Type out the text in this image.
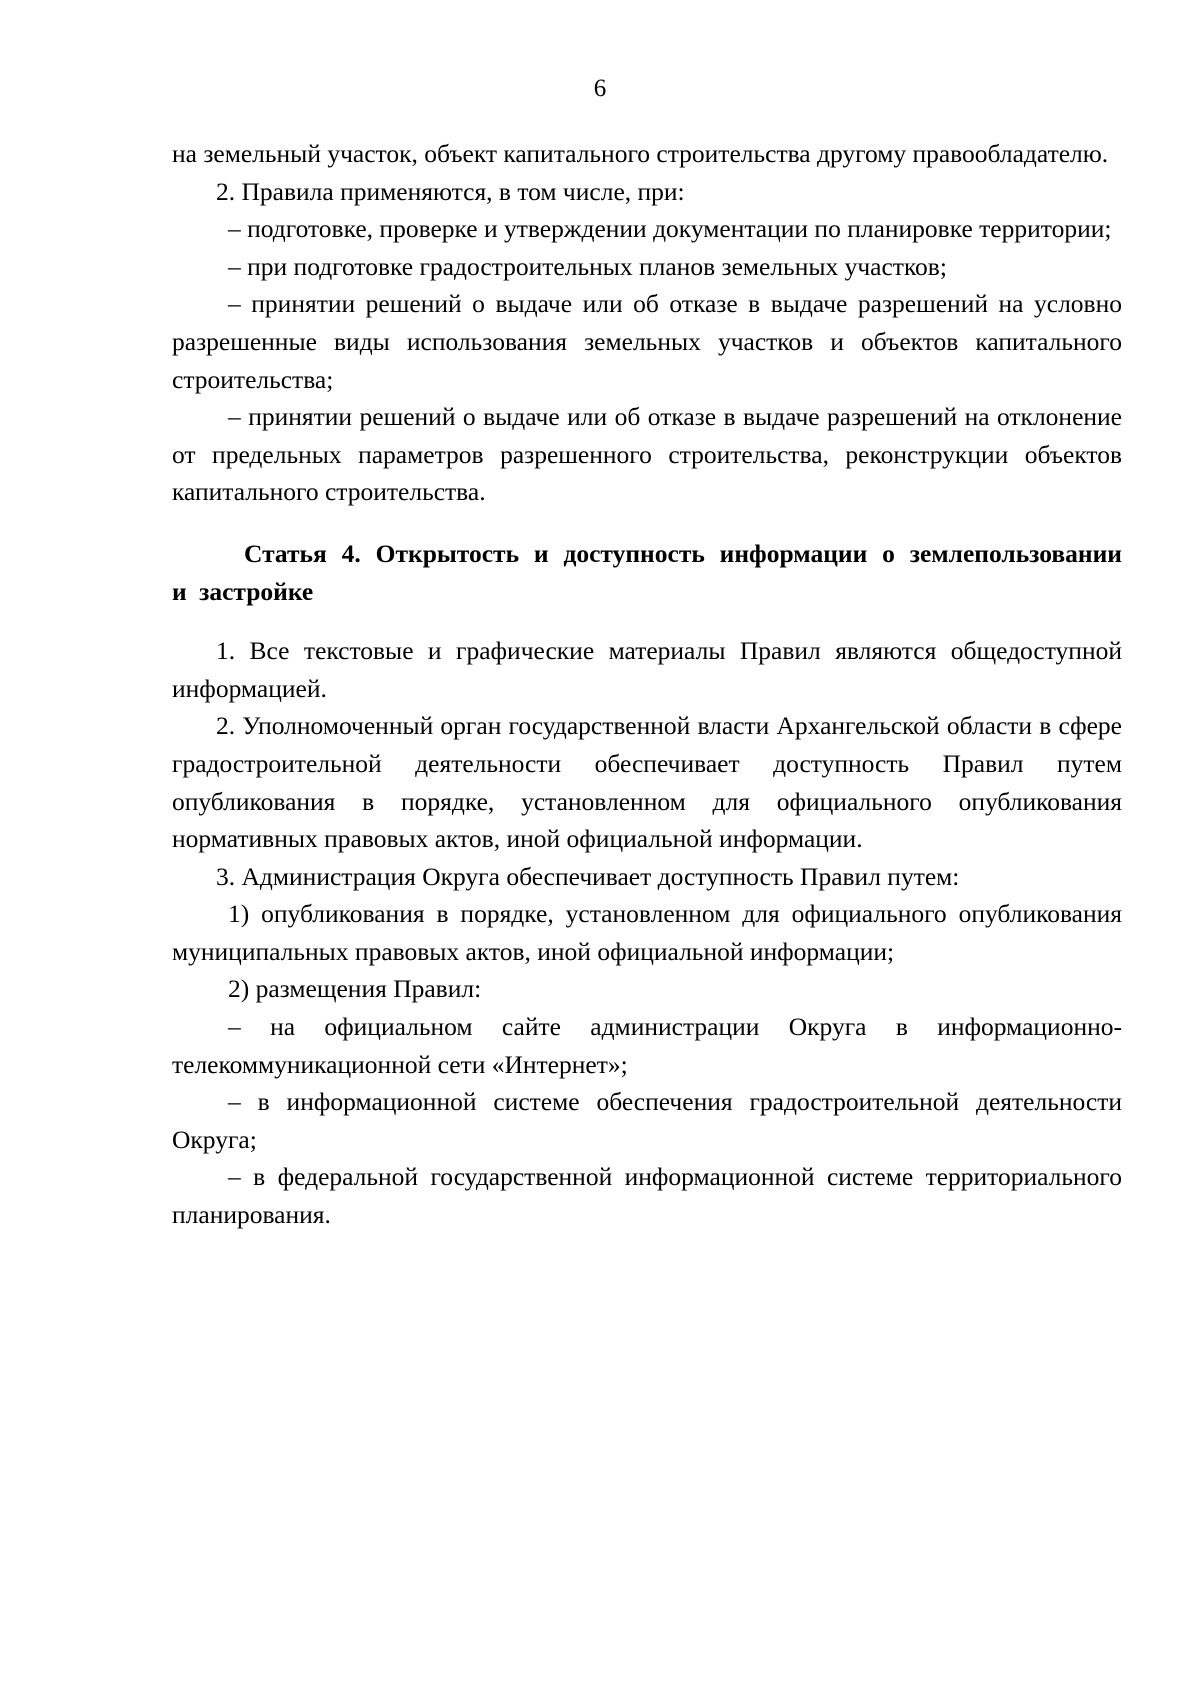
6

на земельный участок, объект капитального строительства другому правообладателю.

2. Правила применяются, в том числе, при:

– подготовке, проверке и утверждении документации по планировке территории;

– при подготовке градостроительных планов земельных участков;

– принятии решений о выдаче или об отказе в выдаче разрешений на условно разрешенные виды использования земельных участков и объектов капитального строительства;

– принятии решений о выдаче или об отказе в выдаче разрешений на отклонение от предельных параметров разрешенного строительства, реконструкции объектов капитального строительства.

Статья 4. Открытость и доступность информации о землепользовании и застройке

1. Все текстовые и графические материалы Правил являются общедоступной информацией.

2. Уполномоченный орган государственной власти Архангельской области в сфере градостроительной деятельности обеспечивает доступность Правил путем опубликования в порядке, установленном для официального опубликования нормативных правовых актов, иной официальной информации.

3. Администрация Округа обеспечивает доступность Правил путем:

1) опубликования в порядке, установленном для официального опубликования муниципальных правовых актов, иной официальной информации;

2) размещения Правил:

– на официальном сайте администрации Округа в информационно-телекоммуникационной сети «Интернет»;

– в информационной системе обеспечения градостроительной деятельности Округа;

– в федеральной государственной информационной системе территориального планирования.
